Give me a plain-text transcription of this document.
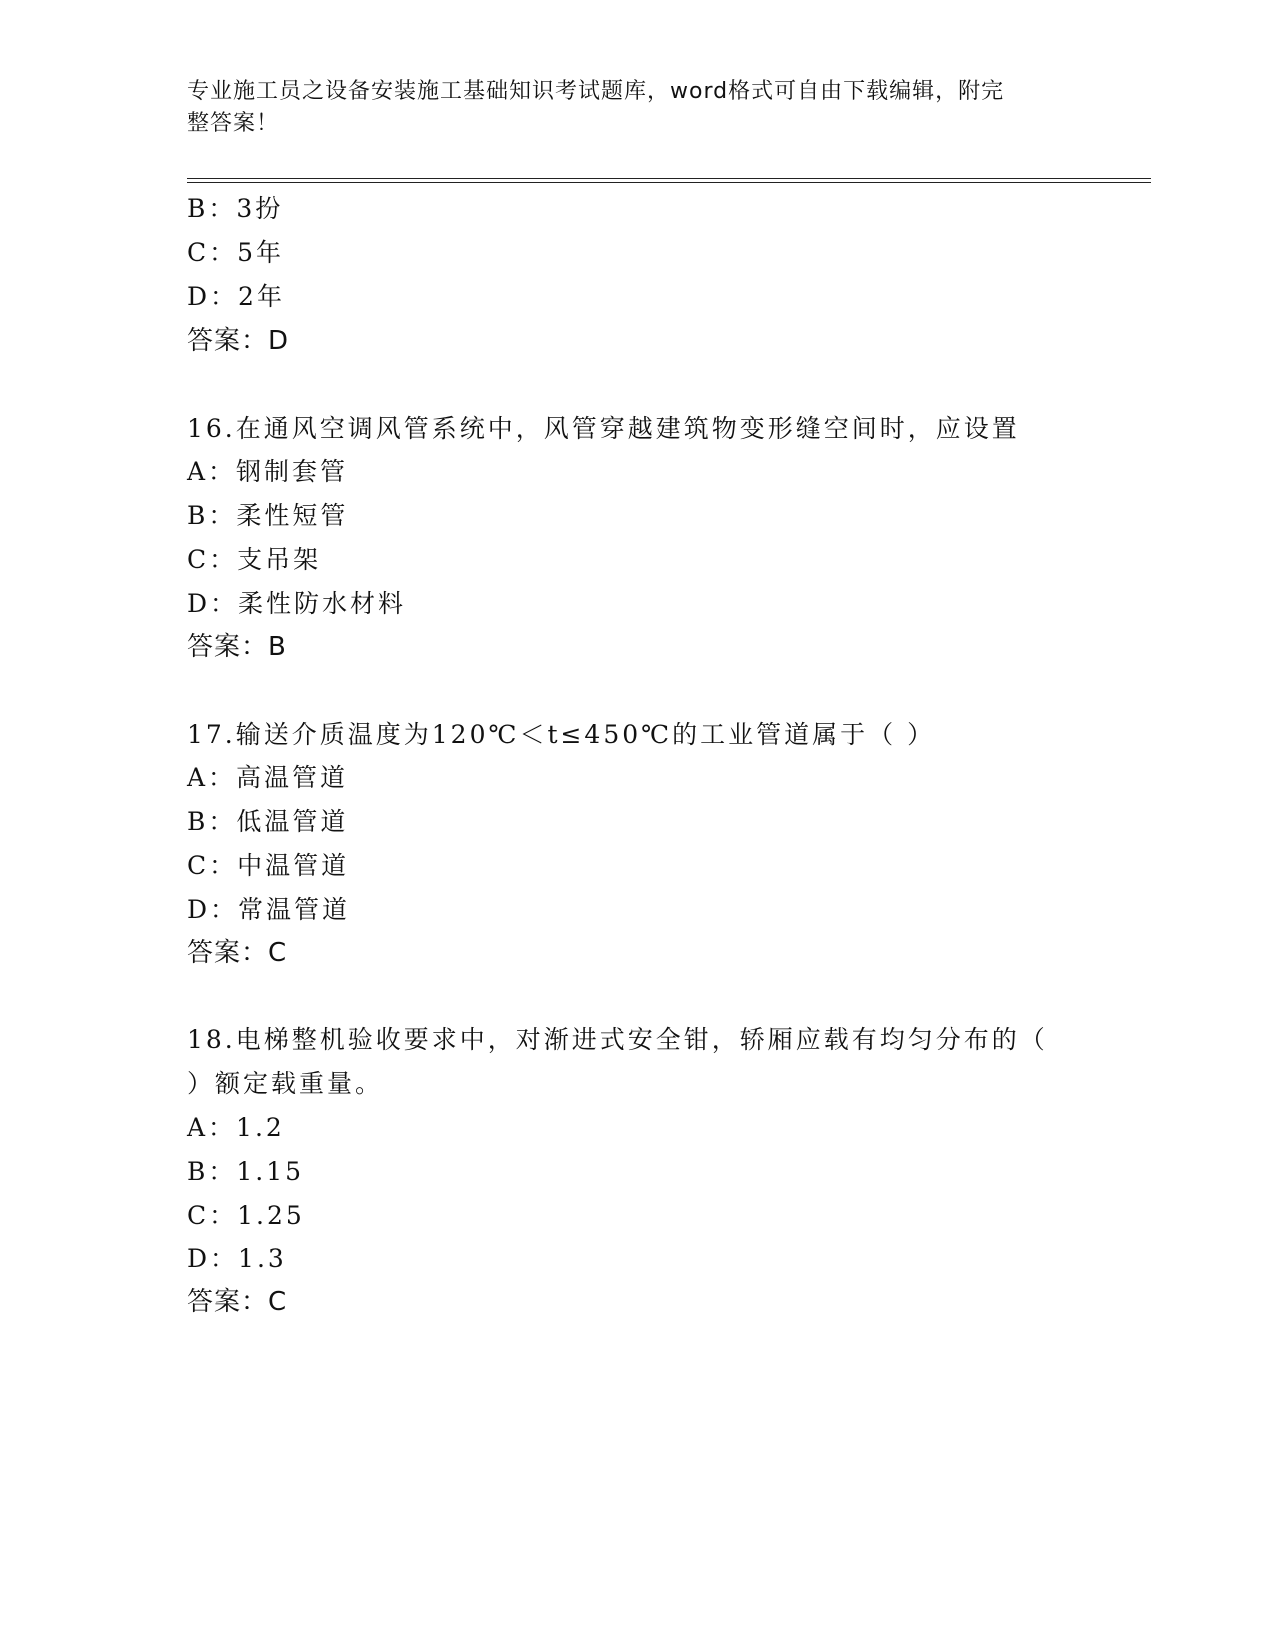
专业施工员之设备安装施工基础知识考试题库，word格式可自由下载编辑，附完
整答案！
B：3扮
C：5年
D：2年
答案：D
16.在通风空调风管系统中，风管穿越建筑物变形缝空间时，应设置
A：钢制套管
B：柔性短管
C：支吊架
D：柔性防水材料
答案：B
17.输送介质温度为120℃＜t≤450℃的工业管道属于（ ）
A：高温管道
B：低温管道
C：中温管道
D：常温管道
答案：C
18.电梯整机验收要求中，对渐进式安全钳，轿厢应载有均匀分布的（
）额定载重量。
A：1.2
B：1.15
C：1.25
D：1.3
答案：C
